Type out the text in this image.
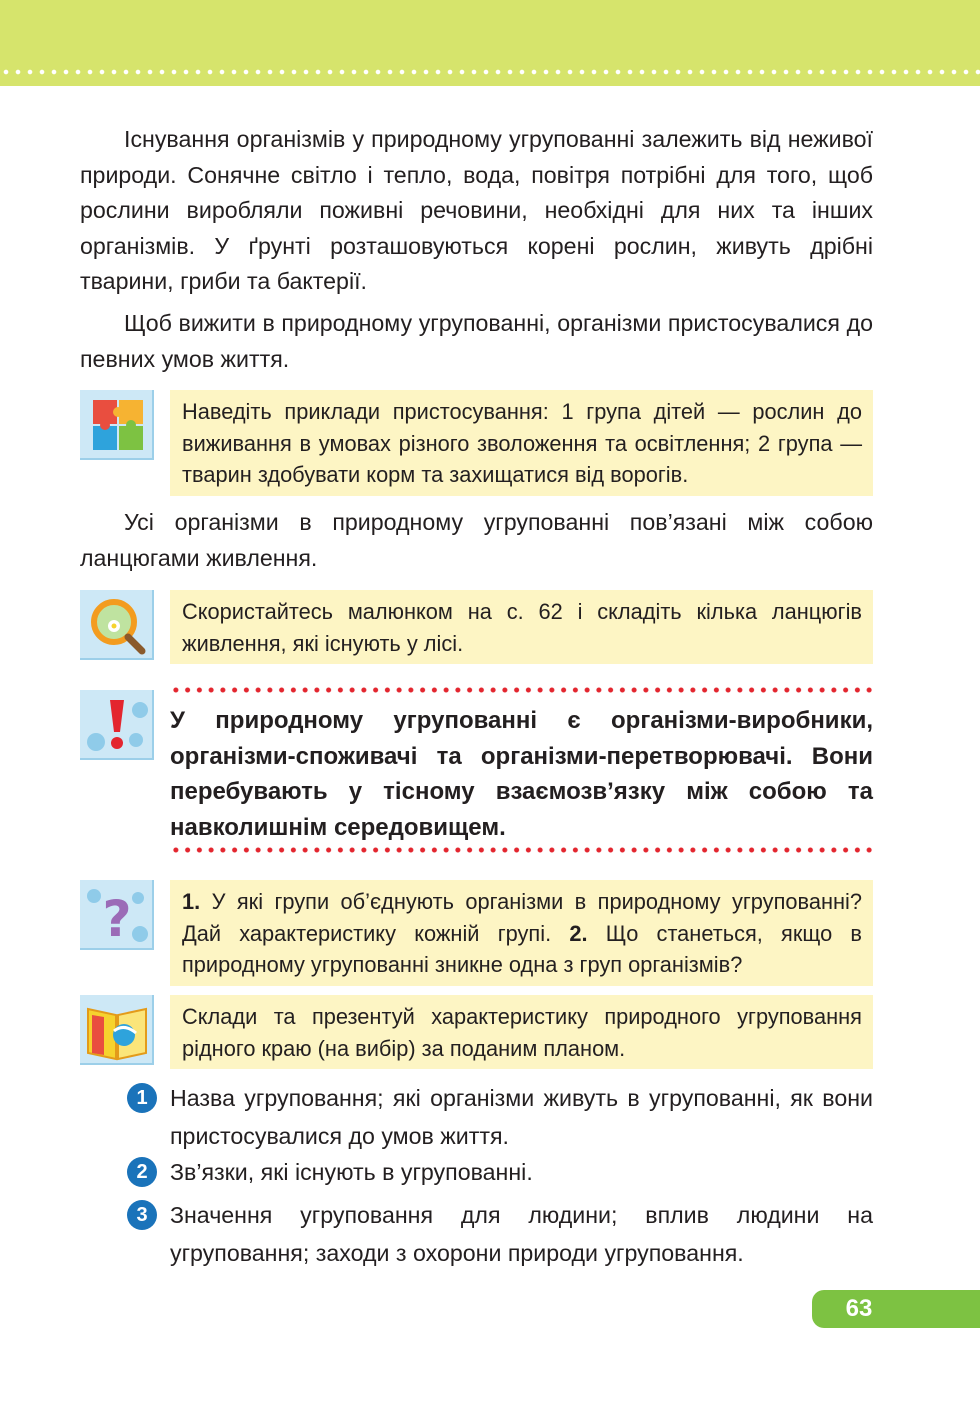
Існування організмів у природному угрупованні залежить від неживої природи. Сонячне світло і тепло, вода, повітря потрібні для того, щоб рослини виробляли поживні речовини, необхідні для них та інших організмів. У ґрунті розташовуються корені рослин, живуть дрібні тварини, гриби та бактерії.

Щоб вижити в природному угрупованні, організми пристосувалися до певних умов життя.

Наведіть приклади пристосування: 1 група дітей — рослин до виживання в умовах різного зволоження та освітлення; 2 група — тварин здобувати корм та захищатися від ворогів.

Усі організми в природному угрупованні пов’язані між собою ланцюгами живлення.

Скористайтесь малюнком на с. 62 і складіть кілька ланцюгів живлення, які існують у лісі.

У природному угрупованні є організми-виробники, організми-споживачі та організми-перетворювачі. Вони перебувають у тісному взаємозв’язку між собою та навколишнім середовищем.

?	1. У які групи об’єднують організми в природному угрупованні? Дай характеристику кожній групі. 2. Що станеться, якщо в природному угрупованні зникне одна з груп організмів?
Склади та презентуй характеристику природного угруповання рідного краю (на вибір) за поданим планом.
1 Назва угруповання; які організми живуть в угрупованні, як вони пристосувалися до умов життя.

2 Зв’язки, які існують в угрупованні.

3 Значення угруповання для людини; вплив людини на угруповання; заходи з охорони природи угруповання.

63
